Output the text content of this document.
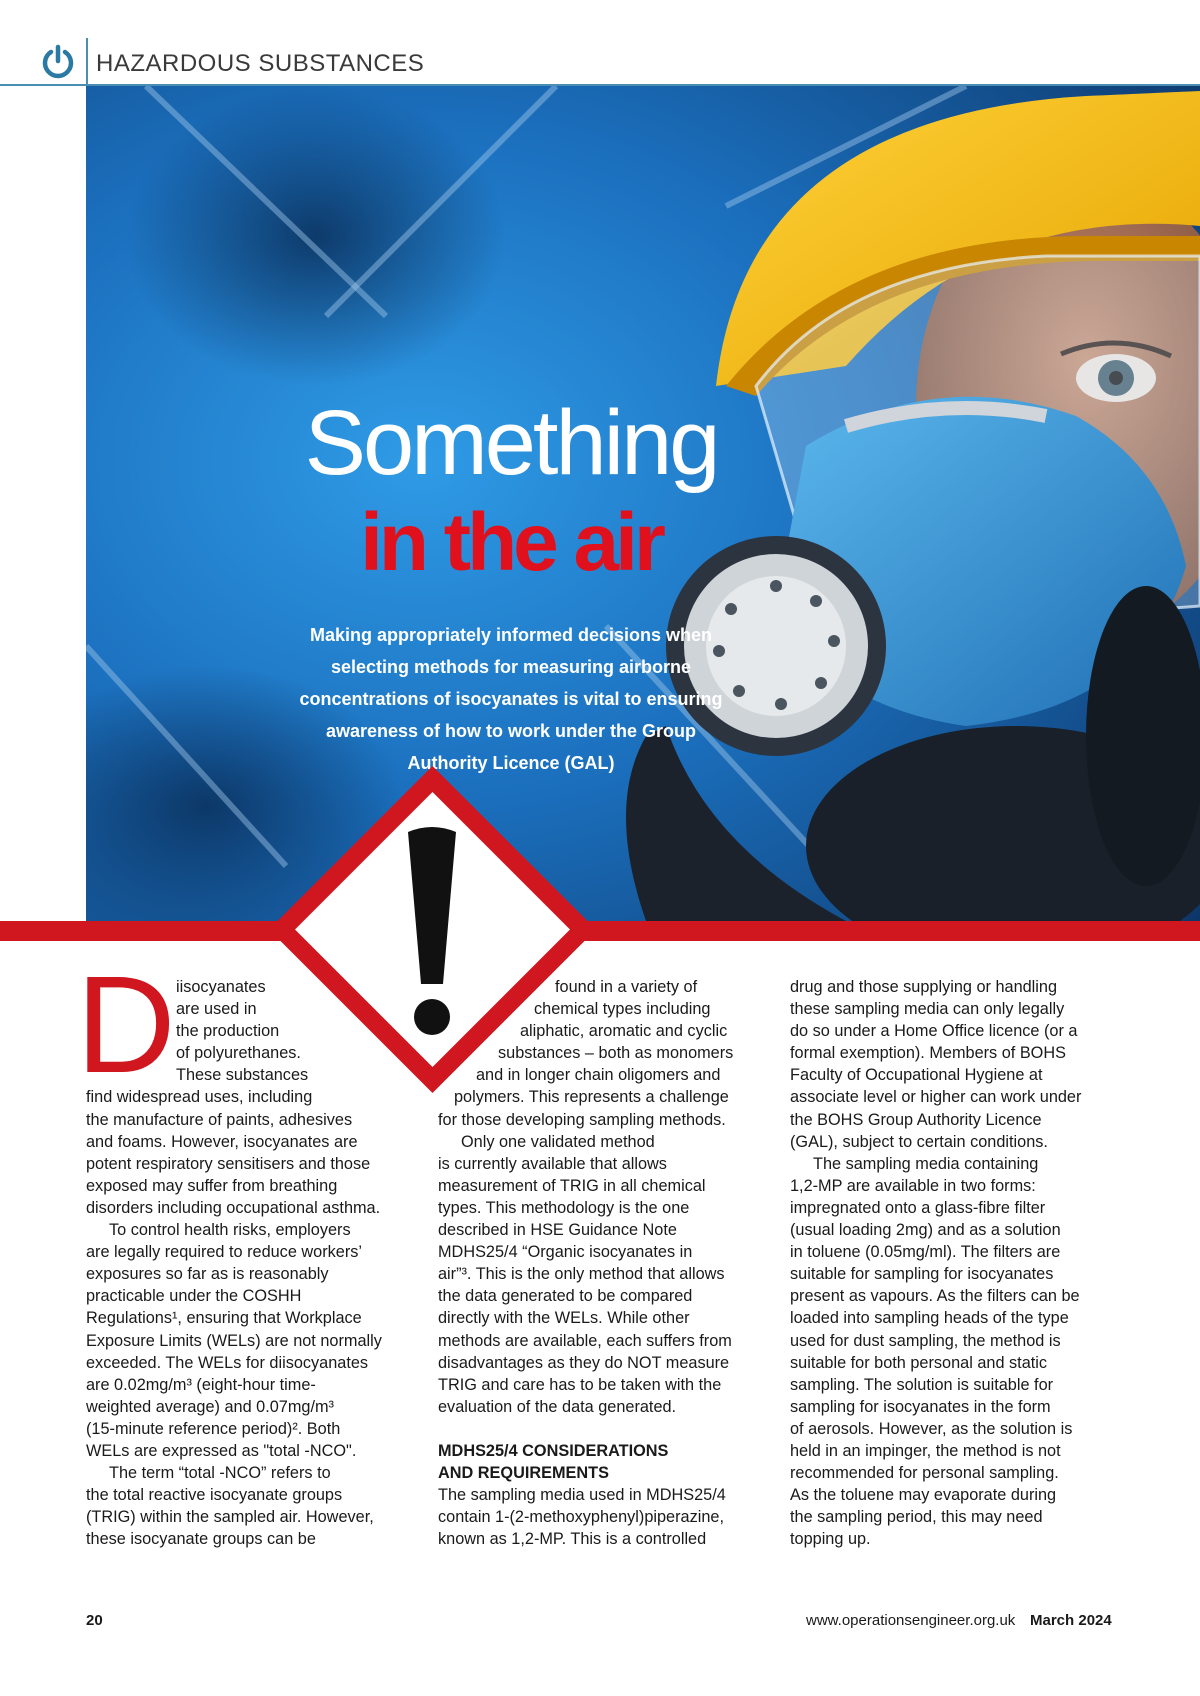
HAZARDOUS SUBSTANCES
Something
in the air
Making appropriately informed decisions when
selecting methods for measuring airborne
concentrations of isocyanates is vital to ensuring
awareness of how to work under the Group
Authority Licence (GAL)
D iisocyanates

are used in

the production

of polyurethanes.

These substances

find widespread uses, including

the manufacture of paints, adhesives

and foams. However, isocyanates are

potent respiratory sensitisers and those

exposed may suffer from breathing

disorders including occupational asthma.

To control health risks, employers

are legally required to reduce workers’

exposures so far as is reasonably

practicable under the COSHH

Regulations¹, ensuring that Workplace

Exposure Limits (WELs) are not normally

exceeded. The WELs for diisocyanates

are 0.02mg/m³ (eight-hour time-

weighted average) and 0.07mg/m³

(15-minute reference period)². Both

WELs are expressed as "total -NCO".

The term “total -NCO” refers to

the total reactive isocyanate groups

(TRIG) within the sampled air. However,

these isocyanate groups can be

found in a variety of

chemical types including

aliphatic, aromatic and cyclic

substances – both as monomers

and in longer chain oligomers and

polymers. This represents a challenge

for those developing sampling methods.

Only one validated method

is currently available that allows

measurement of TRIG in all chemical

types. This methodology is the one

described in HSE Guidance Note

MDHS25/4 “Organic isocyanates in

air”³. This is the only method that allows

the data generated to be compared

directly with the WELs. While other

methods are available, each suffers from

disadvantages as they do NOT measure

TRIG and care has to be taken with the

evaluation of the data generated.

MDHS25/4 CONSIDERATIONS

AND REQUIREMENTS

The sampling media used in MDHS25/4

contain 1-(2-methoxyphenyl)piperazine,

known as 1,2-MP. This is a controlled

drug and those supplying or handling

these sampling media can only legally

do so under a Home Office licence (or a

formal exemption). Members of BOHS

Faculty of Occupational Hygiene at

associate level or higher can work under

the BOHS Group Authority Licence

(GAL), subject to certain conditions.

The sampling media containing

1,2-MP are available in two forms:

impregnated onto a glass-fibre filter

(usual loading 2mg) and as a solution

in toluene (0.05mg/ml). The filters are

suitable for sampling for isocyanates

present as vapours. As the filters can be

loaded into sampling heads of the type

used for dust sampling, the method is

suitable for both personal and static

sampling. The solution is suitable for

sampling for isocyanates in the form

of aerosols. However, as the solution is

held in an impinger, the method is not

recommended for personal sampling.

As the toluene may evaporate during

the sampling period, this may need

topping up.

20	www.operationsengineer.org.uk March 2024
